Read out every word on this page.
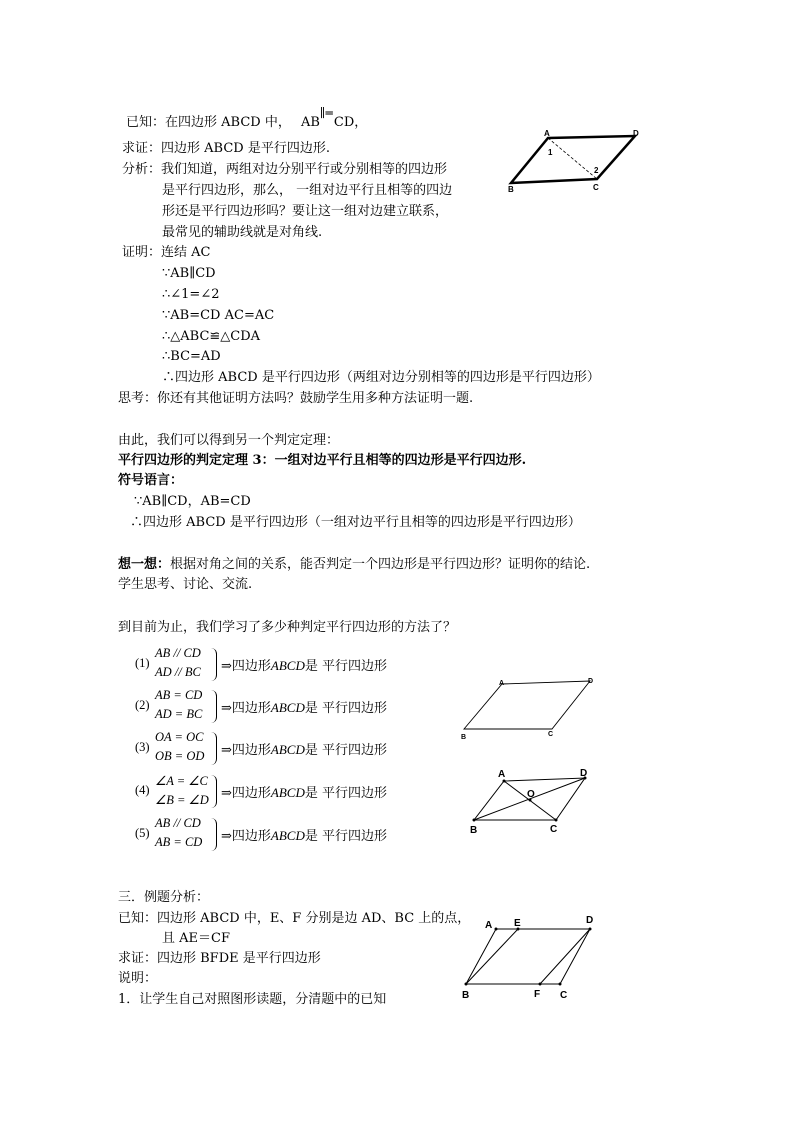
已知：在四边形 ABCD 中， AB
∥═
CD，
求证：四边形 ABCD 是平行四边形.
分析：我们知道，两组对边分别平行或分别相等的四边形
是平行四边形，那么， 一组对边平行且相等的四边
形还是平行四边形吗？要让这一组对边建立联系，
最常见的辅助线就是对角线.
A	D
B	C
1
2
证明：连结 AC
∵AB∥CD
∴∠1=∠2
∵AB=CD AC=AC
∴△ABC≌△CDA
∴BC=AD
∴四边形 ABCD 是平行四边形（两组对边分别相等的四边形是平行四边形）
思考：你还有其他证明方法吗？鼓励学生用多种方法证明一题.
由此，我们可以得到另一个判定定理：
平行四边形的判定定理 3：一组对边平行且相等的四边形是平行四边形.
符号语言：
∵AB∥CD，AB=CD
∴四边形 ABCD 是平行四边形（一组对边平行且相等的四边形是平行四边形）
想一想：根据对角之间的关系，能否判定一个四边形是平行四边形？证明你的结论.
学生思考、讨论、交流.
到目前为止，我们学习了多少种判定平行四边形的方法了？
(1)
AB // CD
AD // BC ⇒四边形ABCD是 平行四边形
(2)
AB = CD
AD = BC ⇒四边形ABCD是 平行四边形
(3)
OA = OC
OB = OD ⇒四边形ABCD是 平行四边形
(4)
∠A = ∠C
∠B = ∠D ⇒四边形ABCD是 平行四边形
(5)
AB // CD
AB = CD ⇒四边形ABCD是 平行四边形
A	D
B	C
A	D
B	C
O
三．例题分析：
已知：四边形 ABCD 中，E、F 分别是边 AD、BC 上的点，
且 AE＝CF
求证：四边形 BFDE 是平行四边形
说明：
1．让学生自己对照图形读题，分清题中的已知
A E	D
B	F C
